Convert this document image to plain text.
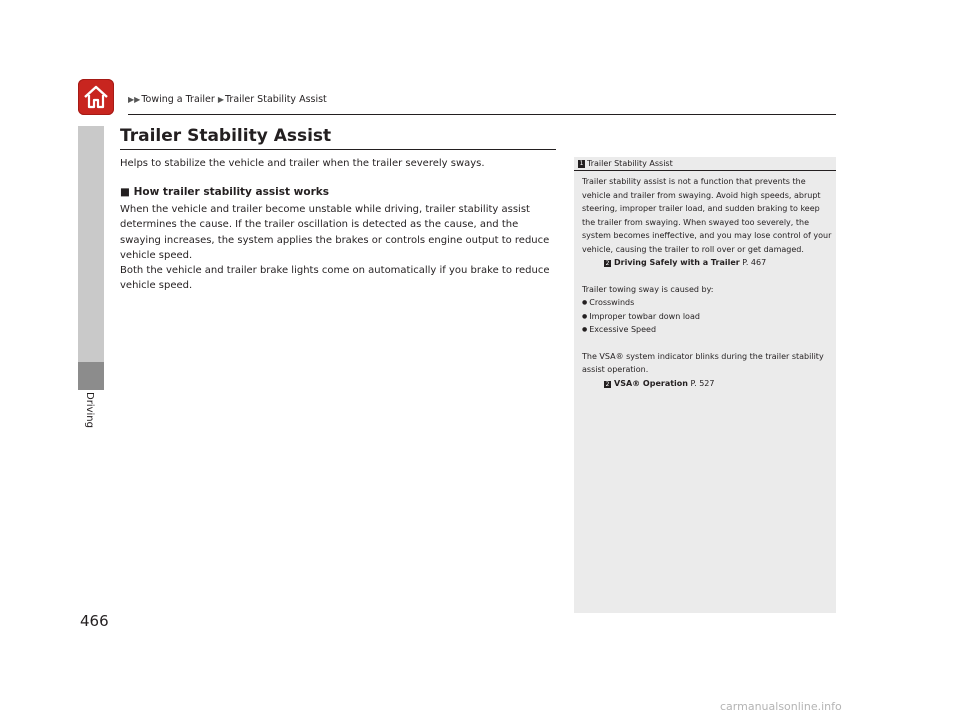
▶▶Towing a Trailer ▶Trailer Stability Assist
Trailer Stability Assist

Helps to stabilize the vehicle and trailer when the trailer severely sways.

■ How trailer stability assist works

When the vehicle and trailer become unstable while driving, trailer stability assist determines the cause. If the trailer oscillation is detected as the cause, and the swaying increases, the system applies the brakes or controls engine output to reduce vehicle speed.

Both the vehicle and trailer brake lights come on automatically if you brake to reduce vehicle speed.

Driving
466
1 Trailer Stability Assist

Trailer stability assist is not a function that prevents the vehicle and trailer from swaying. Avoid high speeds, abrupt steering, improper trailer load, and sudden braking to keep the trailer from swaying. When swayed too severely, the system becomes ineffective, and you may lose control of your vehicle, causing the trailer to roll over or get damaged.

2 Driving Safely with a Trailer P. 467

Trailer towing sway is caused by:

● Crosswinds

● Improper towbar down load

● Excessive Speed

The VSA® system indicator blinks during the trailer stability assist operation.

2 VSA® Operation P. 527

carmanualsonline.info
